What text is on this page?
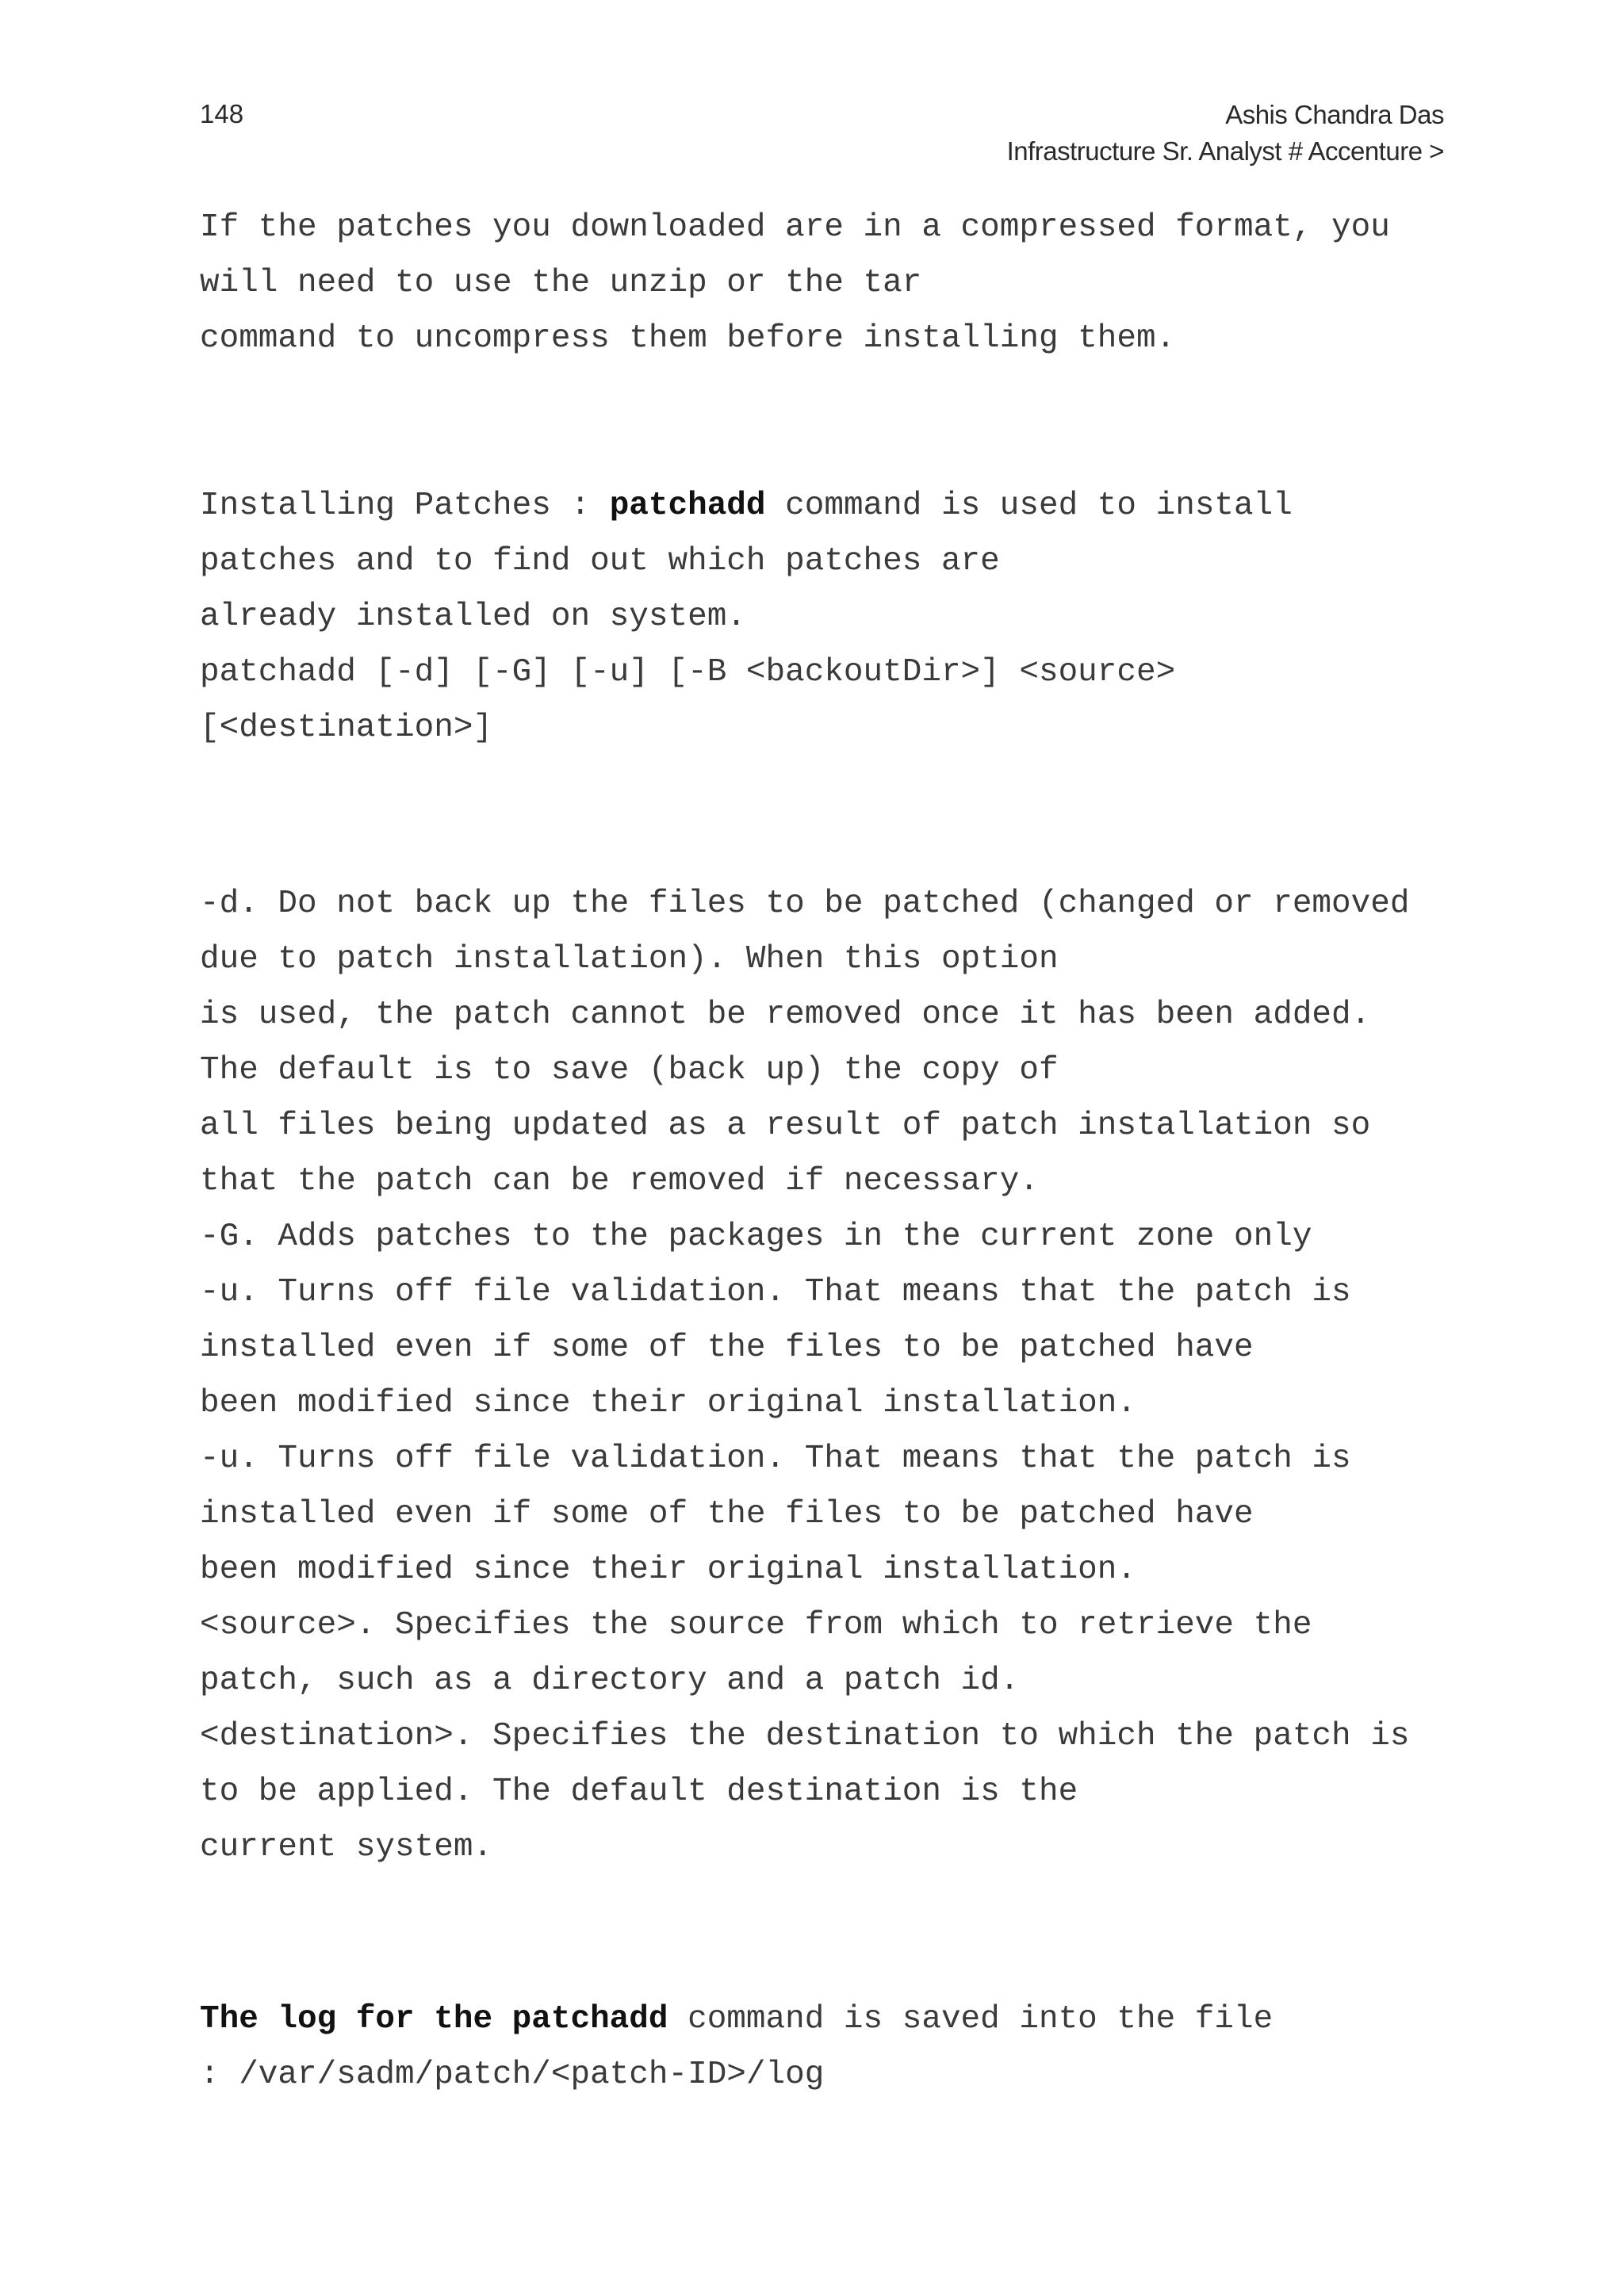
148	Ashis Chandra Das
Infrastructure Sr. Analyst # Accenture >
If the patches you downloaded are in a compressed format, you
will need to use the unzip or the tar
command to uncompress them before installing them.
Installing Patches : patchadd command is used to install
patches and to find out which patches are
already installed on system.
patchadd [-d] [-G] [-u] [-B <backoutDir>] <source>
[<destination>]
-d. Do not back up the files to be patched (changed or removed
due to patch installation). When this option
is used, the patch cannot be removed once it has been added.
The default is to save (back up) the copy of
all files being updated as a result of patch installation so
that the patch can be removed if necessary.
-G. Adds patches to the packages in the current zone only
-u. Turns off file validation. That means that the patch is
installed even if some of the files to be patched have
been modified since their original installation.
-u. Turns off file validation. That means that the patch is
installed even if some of the files to be patched have
been modified since their original installation.
<source>. Specifies the source from which to retrieve the
patch, such as a directory and a patch id.
<destination>. Specifies the destination to which the patch is
to be applied. The default destination is the
current system.
The log for the patchadd command is saved into the file
: /var/sadm/patch/<patch-ID>/log
